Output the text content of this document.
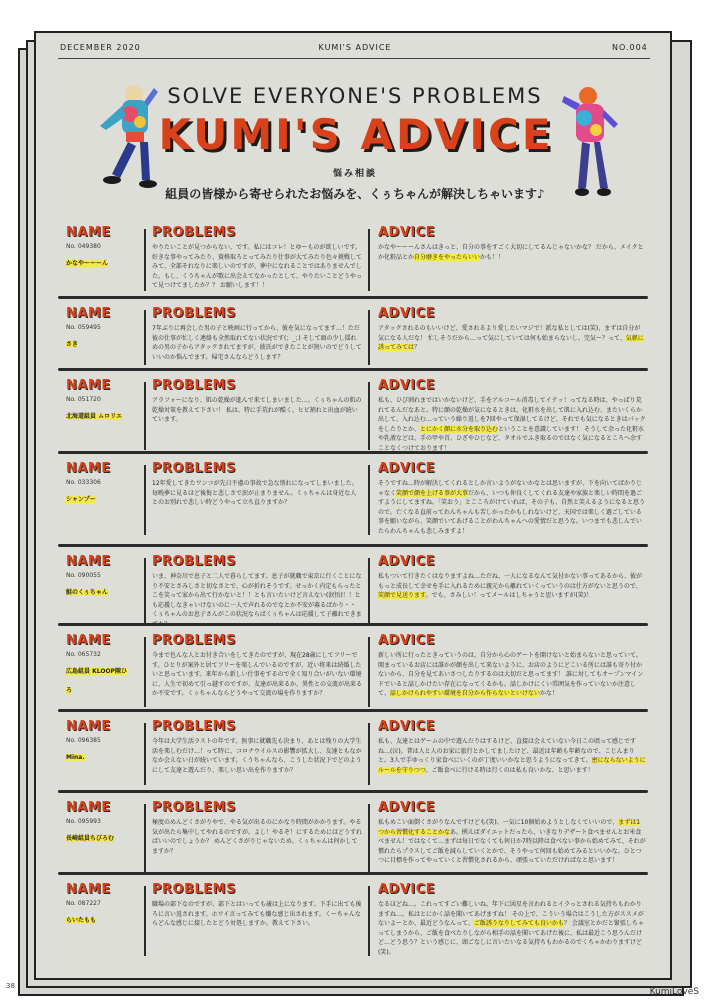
DECEMBER 2020	KUMI'S ADVICE	NO.004
SOLVE EVERYONE'S PROBLEMS
KUMI'S ADVICE
悩み相談
組員の皆様から寄せられたお悩みを、くぅちゃんが解決しちゃいます♪
NAME
No. 049380
かなやーーーん
PROBLEMS
やりたいことが見つからない、です。私にはコレ！とゆーものが欲しいです。好きな事やってみたり、資格取ろとってみたり仕事が大てみたり色々挑戦してみて、全部それなりに楽しいのですが、夢中になれることではありませんでした。もし、くうちゃんが歌に出会えてなかったとして、やりたいことどうやって見つけてましたか？？ お願いします！！
ADVICE
かなやーーーんさんはきっと、自分の事をすごく大切にしてるんじゃないかな？ だから、メイクとか化粧品とか自分磨きをやったらいいかも！！
NAME
No. 059495
さき
PROBLEMS
7年ぶりに再会した男の子と映画に行ってから、彼を気になってます…！ただ彼の仕事が忙しく連絡も全然取れてない状況です(；_；) そして頭の少し揺れめの男の子からアタックされてますが、彼氏ができたことが無いのでどうしていいのか悩んでます。帰宅さんならどうします？
ADVICE
アタックされるのもいいけど、愛されるより愛したいマジで！派な私としては(笑)、まずは自分が気になる人だな！ 忙しそうだから…って気にしていては何も始まらないし、完気ー？って、気軽に誘ってみては？
NAME
No. 051720
北海道組員 ムロリエ
PROBLEMS
アラフォーになり、肌の乾燥が進んで来てしまいました…。くぅちゃんの肌の乾燥対策を教えて下さい！ 私は、特に手荒れが酷く、ヒビ割れと出血が続いています。
ADVICE
私も、ひび割れまではいかないけど、手をアルコール消毒してイテッ！ってなる時は、やっぱり荒れてるんだなあと。特に顔の乾燥が気になるときは、化粧水を出して肌に入れ込む、またいくらか出して、入れ込む…っていう繰り返しを7回やって保湿してるけど、それでも気になるときはパックをしたりとか、とにかく顔に水分を取り込むということを意識しています！ そうして余った化粧水や乳液などは、手の甲や首、ひざやひじなど、タオルでふき取るのではなく気になるところへ余すことなくつけております！
NAME
No. 033306
シャンプー
PROBLEMS
12年愛してきたワンコが先日不慮の事故で急な別れになってしまいました。毎晩夢に見るほど後悔と悲しさで涙が止まりません。くぅちゃんは身近な人とのお別れで悲しい時どうやって立ち直りますか？
ADVICE
そうですね…時が解決してくれるとしか言いようがないかなとは思いますが、下を向いてばかりじゃなく笑顔で顔を上げる事が大事だから、いつも仲良くしてくれる友達や家族と楽しい時間を過ごすようにしてますね。「笑おう」とこころがけていれば、その子も、自然と笑えるようになると思うので。亡くなる直前ってわんちゃんも苦しかったかもしれないけど、天国では楽しく過ごしている事を願いながら、笑顔でいてあげることがわんちゃんへの愛情だと思うな。いつまでも悲しんでいたらわんちゃんも悲しみますよ！
NAME
No. 090055
鮭のくぅちゃん
PROBLEMS
いま、神奈川で息子と二人で暮らしてます。息子が就職で東京に行くことになり不安とさみしさと切なさとで、心が折れそうです。せっかく内定もらったとこを笑って家から出て行かないと！！とも言いたいけど言えない(涙悟)！！とも応援しなきゃいけないのに一人で声れるのでなとか不安が募るばかり・・ くぅちゃんのお息子さんがこの状況ならばくぅちゃんは応援して子離れできま
ADVICE
私もついて行きたくはなりますよね…ただね、一人になるなんて気付かない事ってあるから、彼がもっと成長して幸せを手に入れるために親元から離れていくっていうのは仕方がないと思うので、笑顔で見送ります。でも、さみしい！ってメールはしちゃうと思いますが(笑)！
NAME
No. 065732
広島組員 KLOOP陳ひろ
PROBLEMS
今まで色んな人とお付き合いをしてきたのですが、現在28歳にしてフリーです。ひとりが案外と居てフリーを楽しんでいるのですが、近い将来は結婚したいと思っています。来年から新しい仕事をするので全く知り合いがいない環境に、人生で初めて引っ越すのですが、友達が出来るか、異性との交流が出来るか不安です。くぅちゃんならどうやって交流の場を作りますか？
ADVICE
新しい所に行ったときっていうのは、自分から心のゲートを開けないと始まらないと思っていて。開まっているお店には誰かが顔を出して来ないように、お店のようにどこいる所には誰も寄り付かないから、自分を見てあいさつしたりするのは大切だと思ってます！ 誰に対してもオープンマインドでいると話しかけたい存在になってくるかも。話しかけにくい雰囲気を作っていないか注意して、話しかけられやすい環境を自分から作らないといけないかな！
NAME
No. 096385
Mina.
PROBLEMS
今年は大学生活ラストの年です。無事に就職先も決まり、あとは残りの大学生活を楽しむだけ…！って時に、コロナウイルスの影響が拡大し、友達ともなかなか会えない日が続いています。くうちゃんなら、こうした状況下でどのようにして友達と遊んだり、楽しい思い出を作りますか？
ADVICE
私も、友達とはゲームの中で遊んだりはするけど、直接は会えていない今日この頃って感じですね…(泣)。普は人と人のお家に旅行とかしてましたけど、最近は年齢も年齢なので、こじんまりと。3人で手ゆっくり家食べにいくのが丁度いいかなと思うようになってきて。密にならないようにルールを守りつつ、ご飯食べに行ける時は行くのは私も良いかな、と思います！
NAME
No. 095993
長崎組員ちびろむ
PROBLEMS
極度のめんどくさがりやで、やる気が出るのにかなり時間がかかります。やる気が出たら集中してやれるのですが。よし！やるぞ！にするためにはどうすればいいのでしょうか？ めんどくさがりじゃないため、くぅちゃんは何かしてますか？
ADVICE
私もめこい面倒くさがりなんですけども(笑)、一気に10個始めようとしなくていいので、まずは1つから習慣化することかなあ。例えばダイエットだったら、いきなりデザート食べませんとお米食べません！ではなくて…まずは毎日でなくても何日か7時以降は食べない事から始めてみて、それが慣れたらプラスしてご飯を減らしていくとかで、そうやって何回も始めてみるといいかな。ひとつつに目標を作ってやっていくと習慣化されるから、頑張っていただければなと思います！
NAME
No. 087227
らいたもも
PROBLEMS
職場の部下なのですが、部下とはいっても歳は上になります。下手に出ても後ろに言い返されます。ホワイ言ってみても嫌な感じ出されます。くーちゃんならどんな感じに接したとどう対処しますか。教えて下さい。
ADVICE
なるほどね…。これってすごい難しいね。年下に図星を言われるとイラっとされる気持ちもわかりますね…。私はとにかく話を聞いてあげますね！ その上で、こういう場合はこうした方がススメがないよーとか、最近どうなんって、ご飯誘うなりしてみても良いかも？ 会議室とかだと緊張しちゃってしまうから、ご飯を食べたりしながら相手の話を聞いてあげた後に、私は最近こう思うんだけど…どう思う？という感じに、頭ごなしに言いたいなる気持ちもわかるのでくちゃかわりますけど(笑)。
38
KumiLoveS
